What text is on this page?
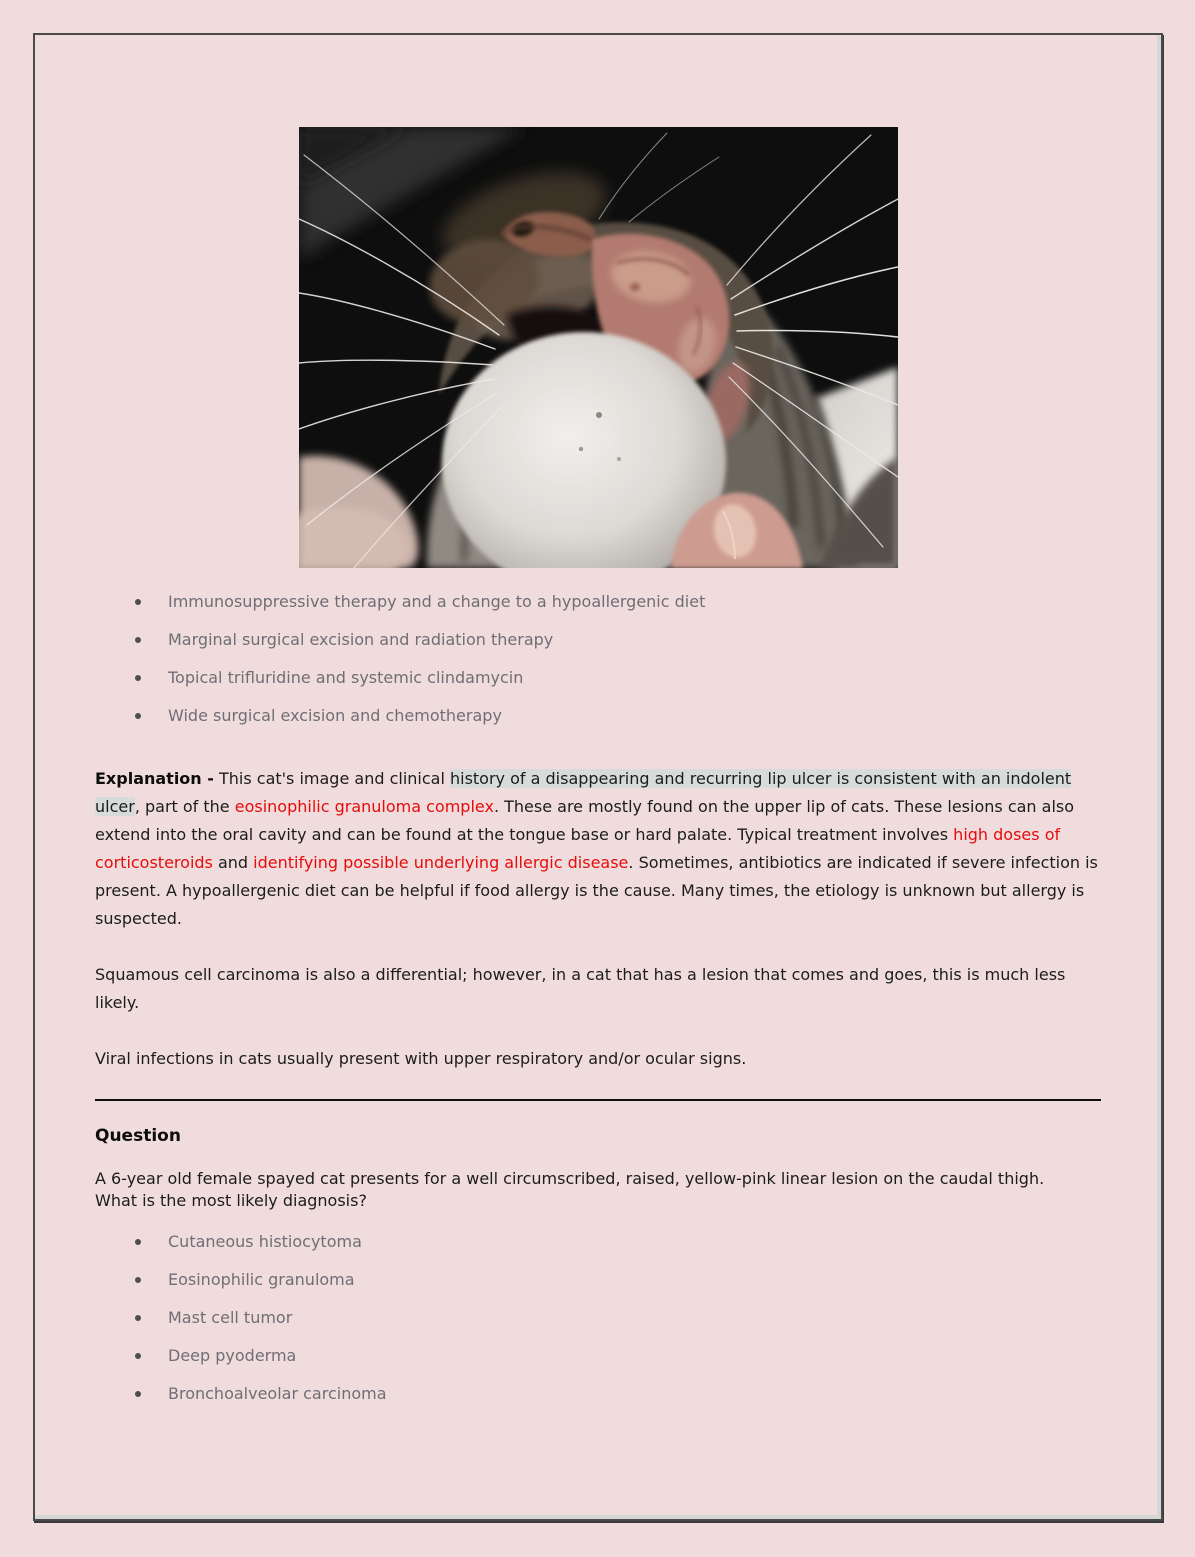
Immunosuppressive therapy and a change to a hypoallergenic diet
Marginal surgical excision and radiation therapy
Topical trifluridine and systemic clindamycin
Wide surgical excision and chemotherapy

Explanation - This cat's image and clinical history of a disappearing and recurring lip ulcer is consistent with an indolent ulcer, part of the eosinophilic granuloma complex. These are mostly found on the upper lip of cats. These lesions can also extend into the oral cavity and can be found at the tongue base or hard palate. Typical treatment involves high doses of corticosteroids and identifying possible underlying allergic disease. Sometimes, antibiotics are indicated if severe infection is present. A hypoallergenic diet can be helpful if food allergy is the cause. Many times, the etiology is unknown but allergy is suspected.

Squamous cell carcinoma is also a differential; however, in a cat that has a lesion that comes and goes, this is much less likely.

Viral infections in cats usually present with upper respiratory and/or ocular signs.

Question

A 6-year old female spayed cat presents for a well circumscribed, raised, yellow-pink linear lesion on the caudal thigh. What is the most likely diagnosis?

Cutaneous histiocytoma
Eosinophilic granuloma
Mast cell tumor
Deep pyoderma
Bronchoalveolar carcinoma
